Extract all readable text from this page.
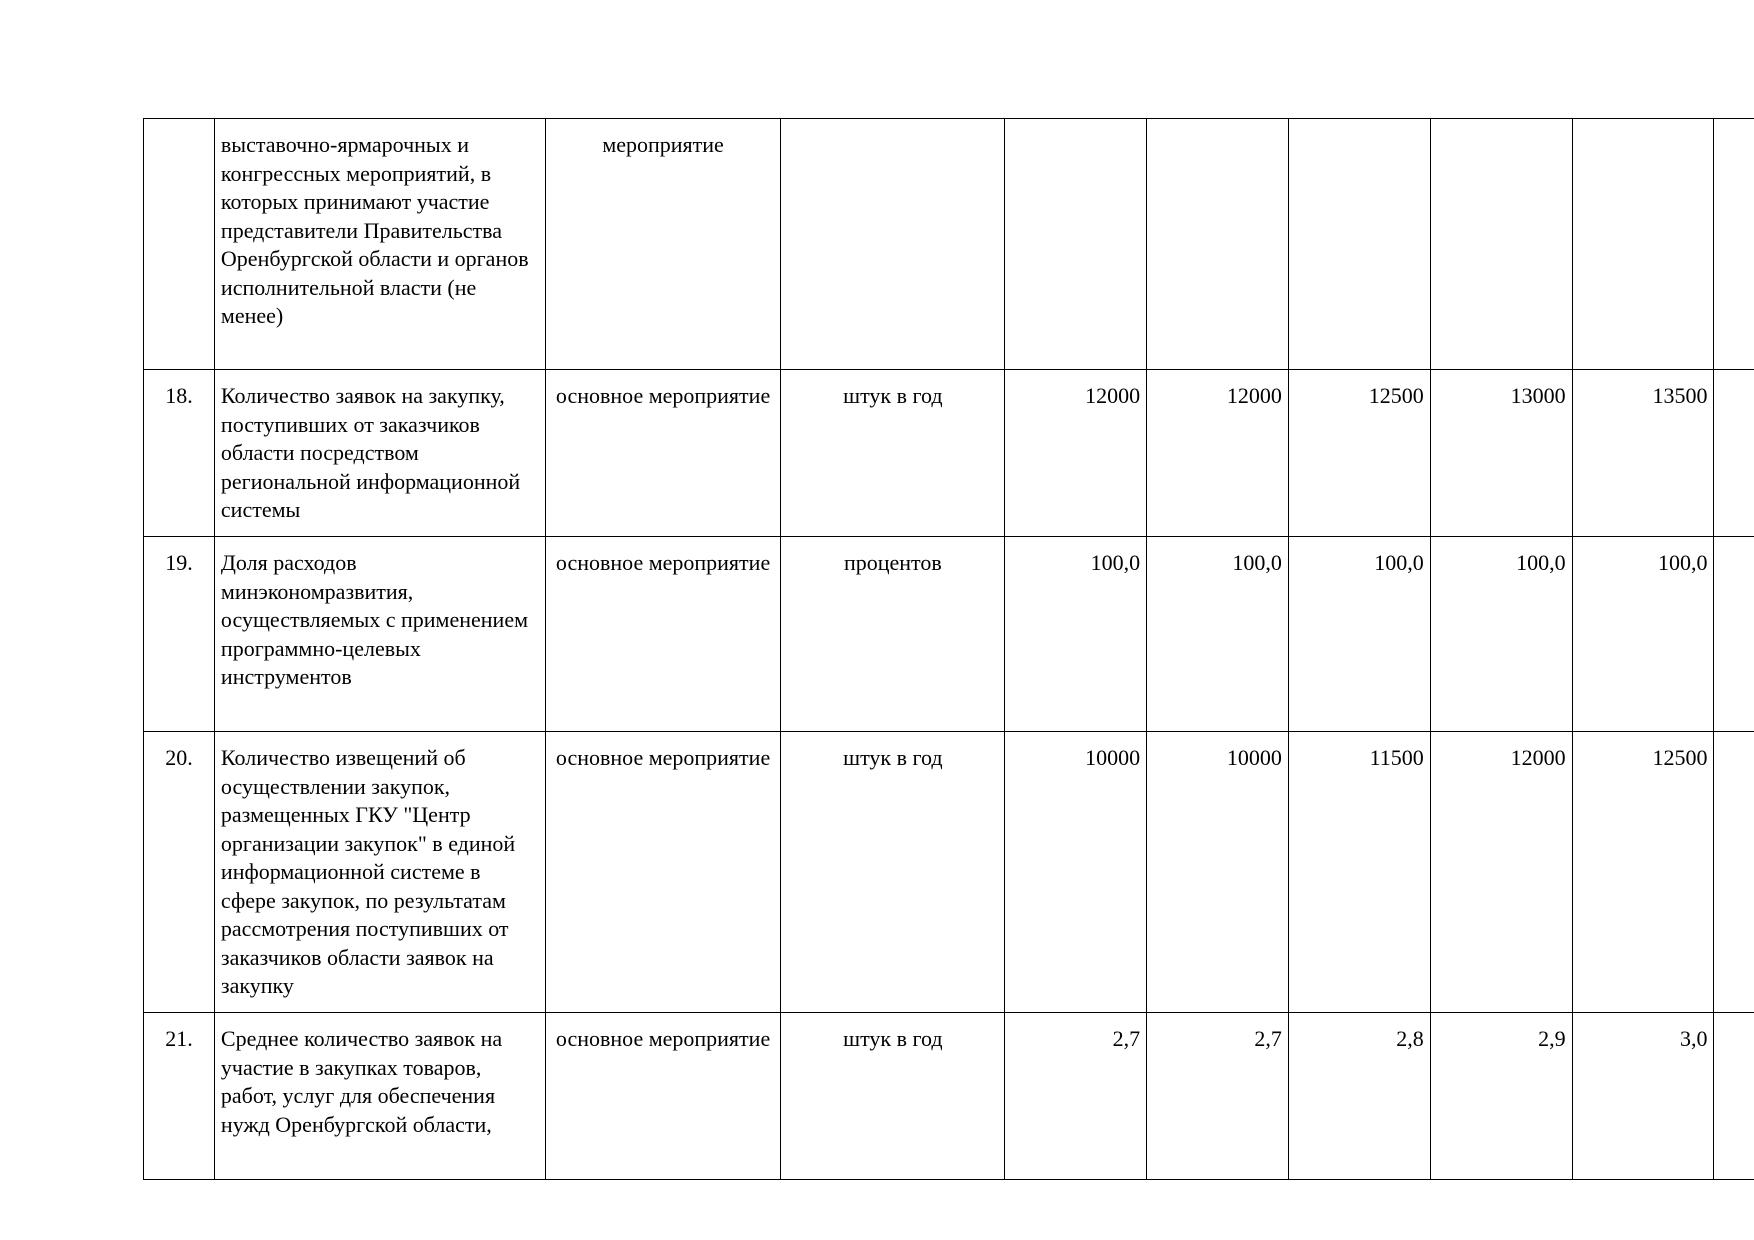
	выставочно-ярмарочных и конгрессных мероприятий, в которых принимают участие представители Правительства Оренбургской области и органов исполнительной власти (не менее)	мероприятие							
18.	Количество заявок на закупку, поступивших от заказчиков области посредством региональной информационной системы	основное мероприятие	штук в год	12000	12000	12500	13000	13500	
19.	Доля расходов минэкономразвития, осуществляемых с применением программно-целевых инструментов	основное мероприятие	процентов	100,0	100,0	100,0	100,0	100,0	
20.	Количество извещений об осуществлении закупок, размещенных ГКУ "Центр организации закупок" в единой информационной системе в сфере закупок, по результатам рассмотрения поступивших от заказчиков области заявок на закупку	основное мероприятие	штук в год	10000	10000	11500	12000	12500	
21.	Среднее количество заявок на участие в закупках товаров, работ, услуг для обеспечения нужд Оренбургской области,	основное мероприятие	штук в год	2,7	2,7	2,8	2,9	3,0	
